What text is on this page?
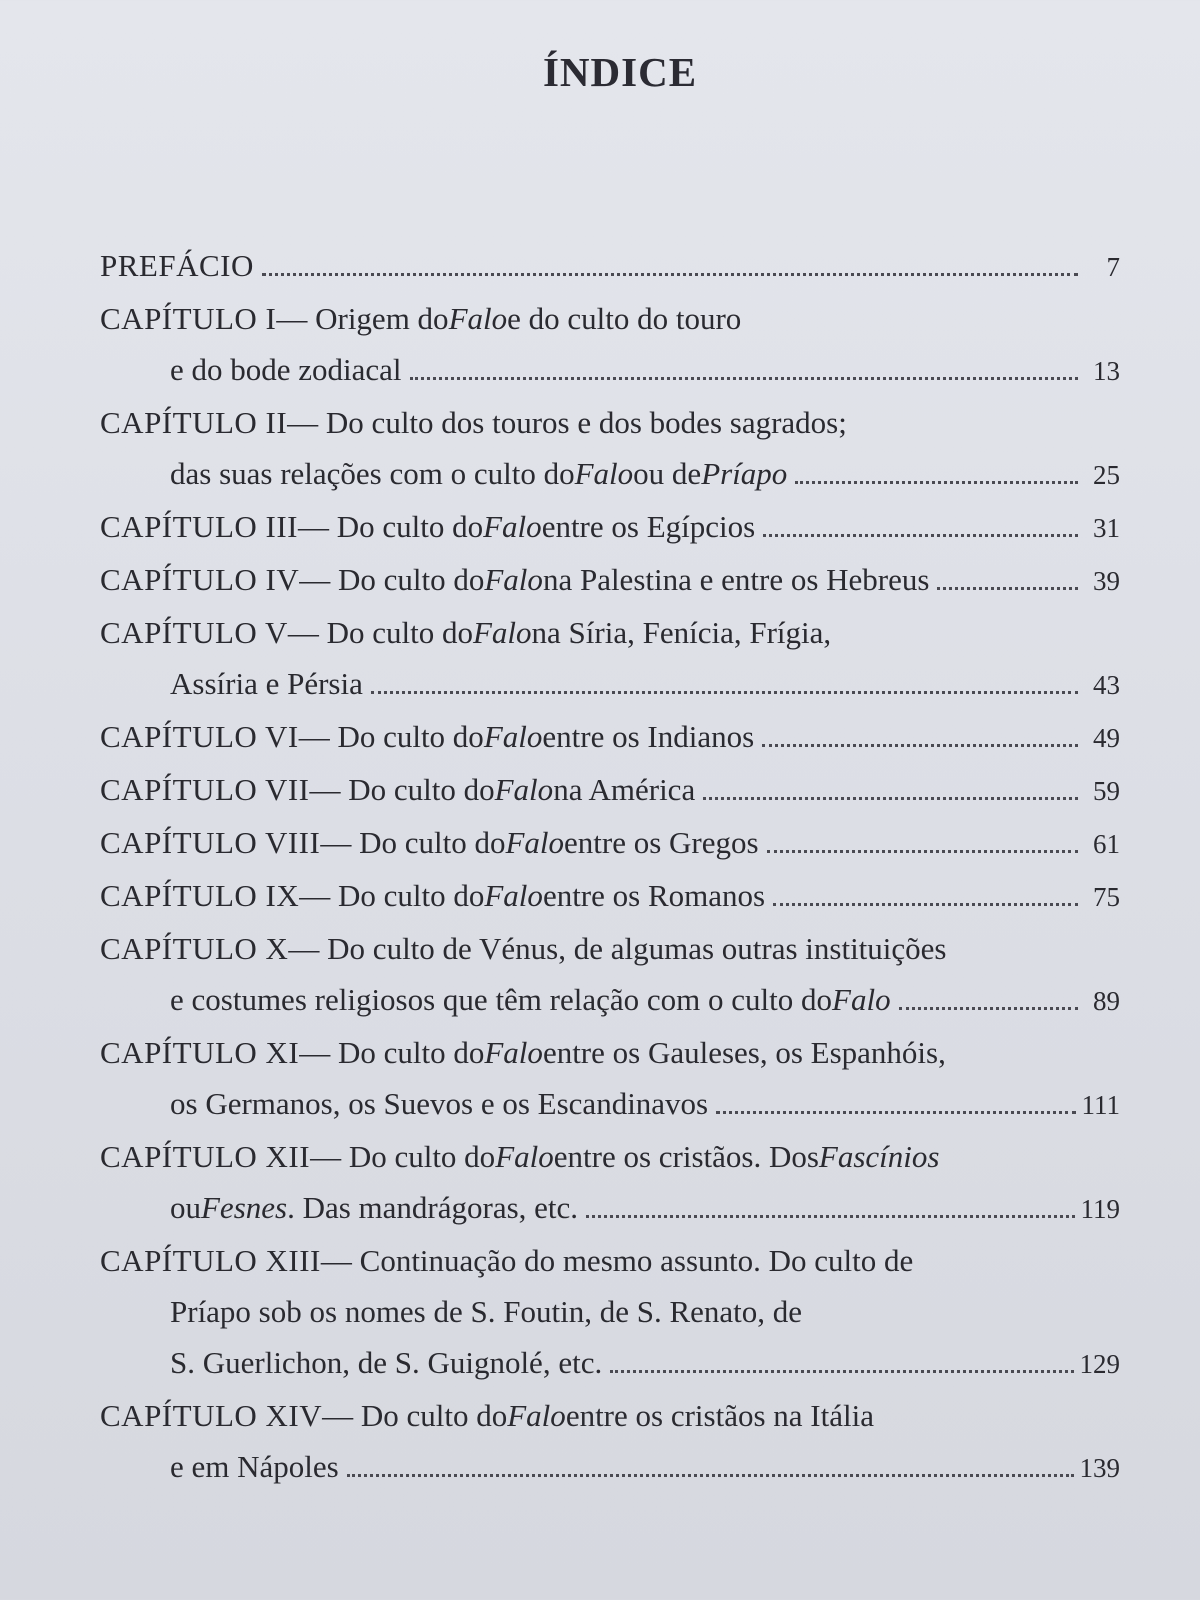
ÍNDICE
PREFÁCIO	7
CAPÍTULO I — Origem do Falo e do culto do touro
e do bode zodiacal	13
CAPÍTULO II — Do culto dos touros e dos bodes sagrados;
das suas relações com o culto do Falo ou de Príapo	25
CAPÍTULO III — Do culto do Falo entre os Egípcios	31
CAPÍTULO IV — Do culto do Falo na Palestina e entre os Hebreus	39
CAPÍTULO V — Do culto do Falo na Síria, Fenícia, Frígia,
Assíria e Pérsia	43
CAPÍTULO VI — Do culto do Falo entre os Indianos	49
CAPÍTULO VII — Do culto do Falo na América	59
CAPÍTULO VIII — Do culto do Falo entre os Gregos	61
CAPÍTULO IX — Do culto do Falo entre os Romanos	75
CAPÍTULO X — Do culto de Vénus, de algumas outras instituições
e costumes religiosos que têm relação com o culto do Falo	89
CAPÍTULO XI — Do culto do Falo entre os Gauleses, os Espanhóis,
os Germanos, os Suevos e os Escandinavos	111
CAPÍTULO XII — Do culto do Falo entre os cristãos. Dos Fascínios
ou Fesnes . Das mandrágoras, etc.	119
CAPÍTULO XIII — Continuação do mesmo assunto. Do culto de
Príapo sob os nomes de S. Foutin, de S. Renato, de
S. Guerlichon, de S. Guignolé, etc.	129
CAPÍTULO XIV — Do culto do Falo entre os cristãos na Itália
e em Nápoles	139
